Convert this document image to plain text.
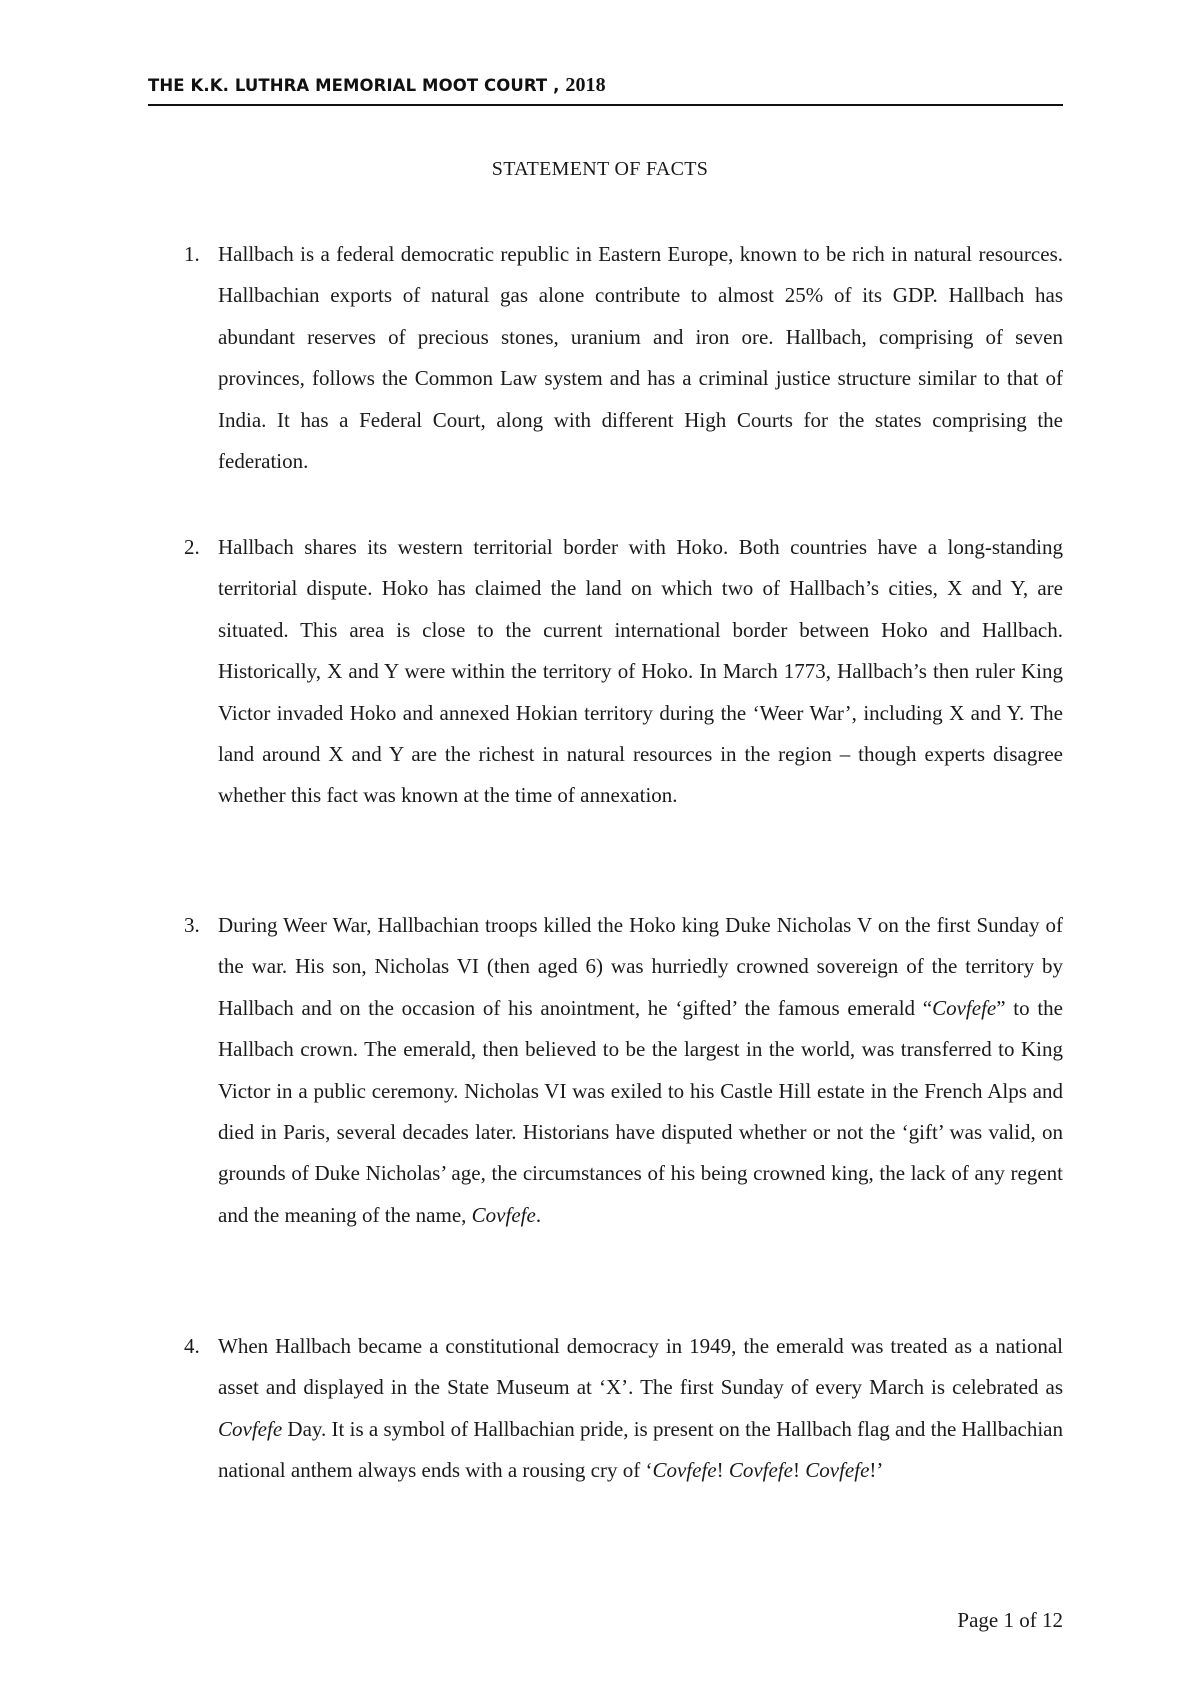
THE K.K. LUTHRA MEMORIAL MOOT COURT , 2018
STATEMENT OF FACTS
1. Hallbach is a federal democratic republic in Eastern Europe, known to be rich in natural resources. Hallbachian exports of natural gas alone contribute to almost 25% of its GDP. Hallbach has abundant reserves of precious stones, uranium and iron ore. Hallbach, comprising of seven provinces, follows the Common Law system and has a criminal justice structure similar to that of India. It has a Federal Court, along with different High Courts for the states comprising the federation.
2. Hallbach shares its western territorial border with Hoko. Both countries have a long-standing territorial dispute. Hoko has claimed the land on which two of Hallbach’s cities, X and Y, are situated. This area is close to the current international border between Hoko and Hallbach. Historically, X and Y were within the territory of Hoko. In March 1773, Hallbach’s then ruler King Victor invaded Hoko and annexed Hokian territory during the ‘Weer War’, including X and Y. The land around X and Y are the richest in natural resources in the region – though experts disagree whether this fact was known at the time of annexation.
3. During Weer War, Hallbachian troops killed the Hoko king Duke Nicholas V on the first Sunday of the war. His son, Nicholas VI (then aged 6) was hurriedly crowned sovereign of the territory by Hallbach and on the occasion of his anointment, he ‘gifted’ the famous emerald “Covfefe” to the Hallbach crown. The emerald, then believed to be the largest in the world, was transferred to King Victor in a public ceremony. Nicholas VI was exiled to his Castle Hill estate in the French Alps and died in Paris, several decades later. Historians have disputed whether or not the ‘gift’ was valid, on grounds of Duke Nicholas’ age, the circumstances of his being crowned king, the lack of any regent and the meaning of the name, Covfefe.
4. When Hallbach became a constitutional democracy in 1949, the emerald was treated as a national asset and displayed in the State Museum at ‘X’. The first Sunday of every March is celebrated as Covfefe Day. It is a symbol of Hallbachian pride, is present on the Hallbach flag and the Hallbachian national anthem always ends with a rousing cry of ‘Covfefe! Covfefe! Covfefe!’
Page 1 of 12
